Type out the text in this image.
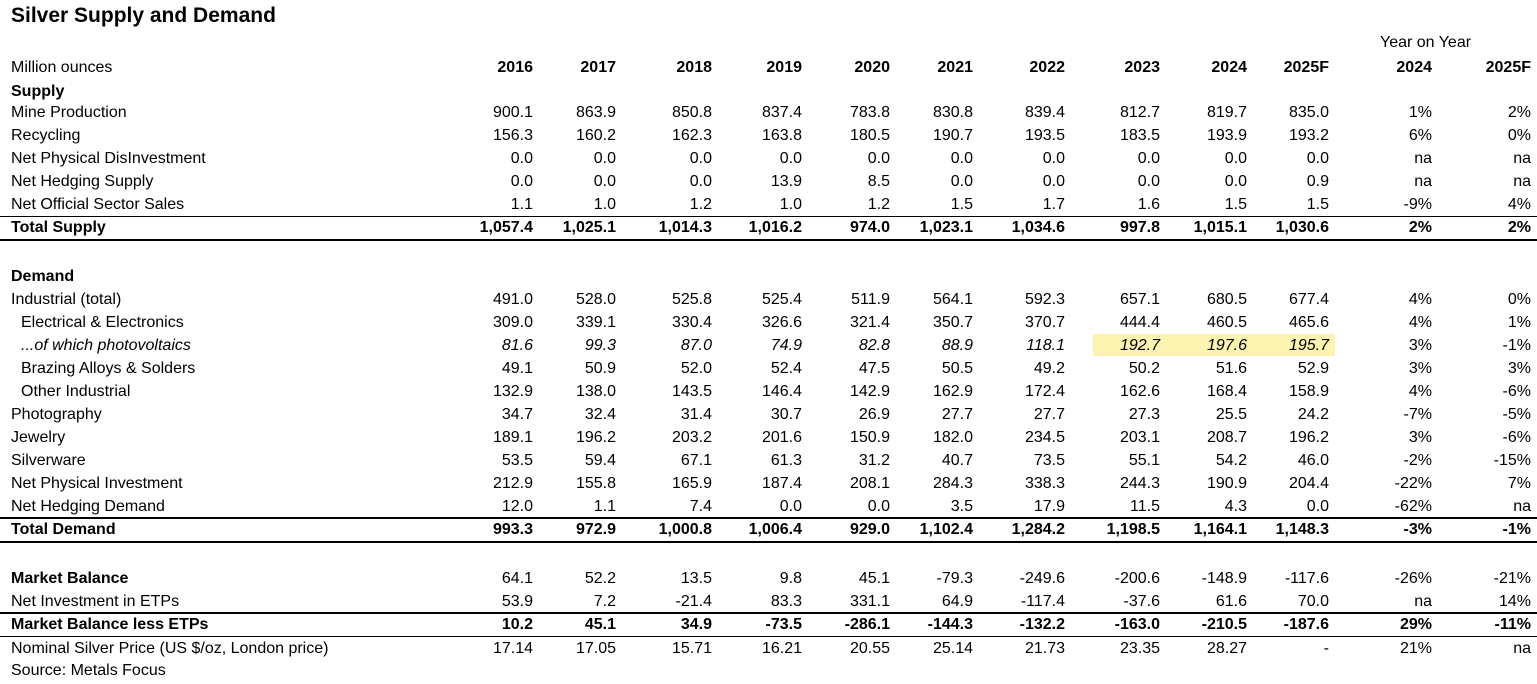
Silver Supply and Demand
Year on Year
Million ounces	2016	2017	2018	2019	2020	2021	2022	2023	2024 2025F	2024	2025F
Supply
Mine Production	900.1	863.9	850.8	837.4	783.8	830.8	839.4	812.7	819.7	835.0	1%	2%
Recycling	156.3	160.2	162.3	163.8	180.5	190.7	193.5	183.5	193.9	193.2	6%	0%
Net Physical DisInvestment	0.0	0.0	0.0	0.0	0.0	0.0	0.0	0.0	0.0	0.0	na	na
Net Hedging Supply	0.0	0.0	0.0	13.9	8.5	0.0	0.0	0.0	0.0	0.9	na	na
Net Official Sector Sales	1.1	1.0	1.2	1.0	1.2	1.5	1.7	1.6	1.5	1.5	-9%	4%
Total Supply	1,057.4 1,025.1	1,014.3 1,016.2	974.0 1,023.1 1,034.6	997.8 1,015.1 1,030.6	2%	2%
Demand
Industrial (total)	491.0	528.0	525.8	525.4	511.9	564.1	592.3	657.1	680.5	677.4	4%	0%
Electrical & Electronics	309.0	339.1	330.4	326.6	321.4	350.7	370.7	444.4	460.5	465.6	4%	1%
...of which photovoltaics	81.6	99.3	87.0	74.9	82.8	88.9	118.1	192.7	197.6	195.7	3%	-1%
Brazing Alloys & Solders	49.1	50.9	52.0	52.4	47.5	50.5	49.2	50.2	51.6	52.9	3%	3%
Other Industrial	132.9	138.0	143.5	146.4	142.9	162.9	172.4	162.6	168.4	158.9	4%	-6%
Photography	34.7	32.4	31.4	30.7	26.9	27.7	27.7	27.3	25.5	24.2	-7%	-5%
Jewelry	189.1	196.2	203.2	201.6	150.9	182.0	234.5	203.1	208.7	196.2	3%	-6%
Silverware	53.5	59.4	67.1	61.3	31.2	40.7	73.5	55.1	54.2	46.0	-2%	-15%
Net Physical Investment	212.9	155.8	165.9	187.4	208.1	284.3	338.3	244.3	190.9	204.4	-22%	7%
Net Hedging Demand	12.0	1.1	7.4	0.0	0.0	3.5	17.9	11.5	4.3	0.0	-62%	na
Total Demand	993.3	972.9	1,000.8 1,006.4	929.0 1,102.4 1,284.2	1,198.5 1,164.1 1,148.3	-3%	-1%
Market Balance	64.1	52.2	13.5	9.8	45.1	-79.3	-249.6	-200.6	-148.9 -117.6	-26%	-21%
Net Investment in ETPs	53.9	7.2	-21.4	83.3	331.1	64.9	-117.4	-37.6	61.6	70.0	na	14%
Market Balance less ETPs	10.2	45.1	34.9	-73.5	-286.1 -144.3	-132.2	-163.0	-210.5 -187.6	29%	-11%
Nominal Silver Price (US $/oz, London price)	17.14	17.05	15.71	16.21	20.55	25.14	21.73	23.35	28.27	-	21%	na
Source: Metals Focus
